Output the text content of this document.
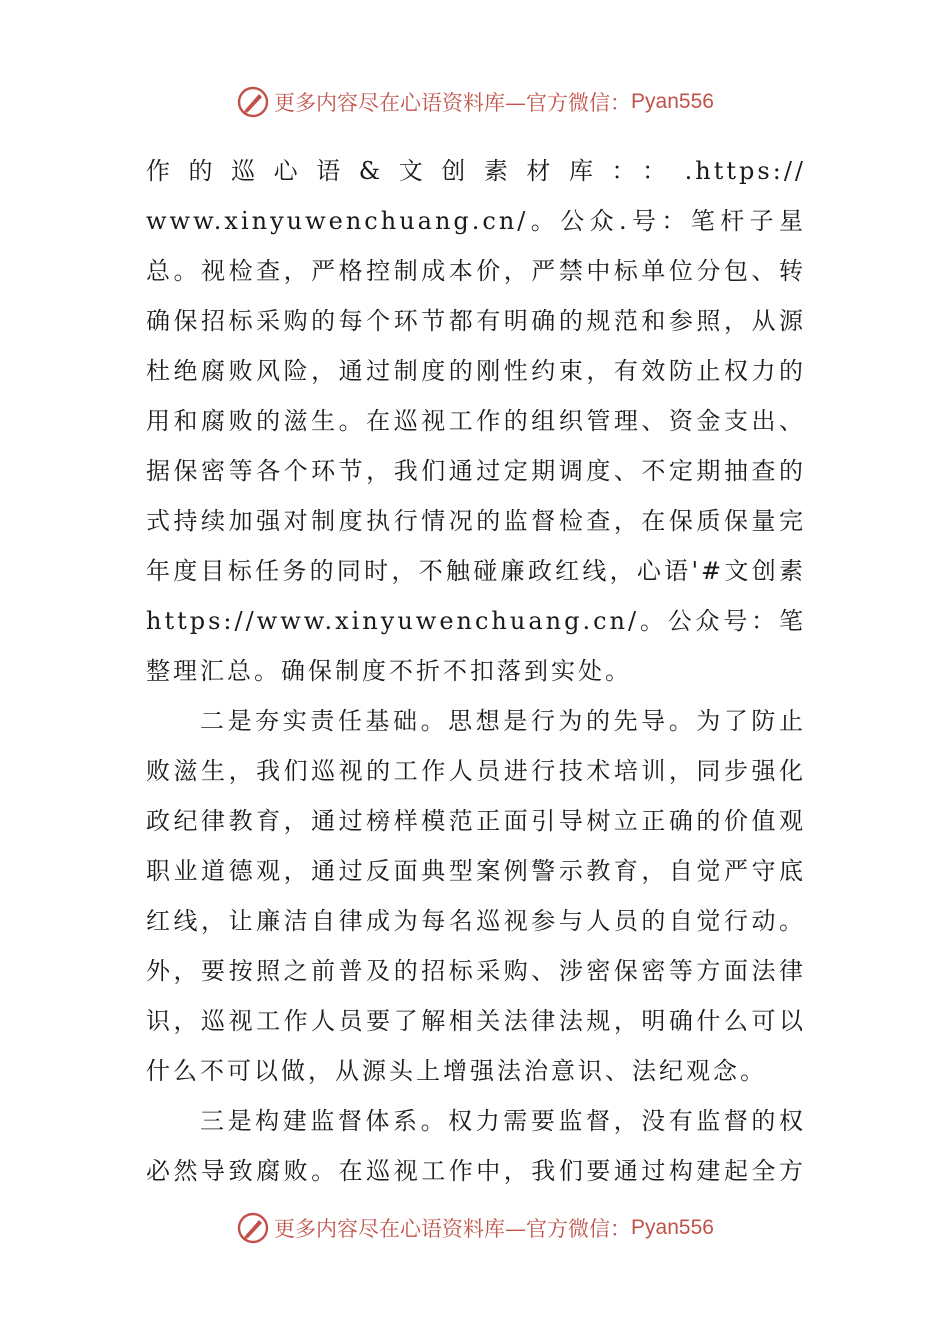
更多内容尽在心语资料库—官方微信： Pyan556
作的巡心语&文创素材库：：.https://
www.xinyuwenchuang.cn/。公众.号：笔杆子星
总。视检查，严格控制成本价，严禁中标单位分包、转
确保招标采购的每个环节都有明确的规范和参照，从源
杜绝腐败风险，通过制度的刚性约束，有效防止权力的
用和腐败的滋生。在巡视工作的组织管理、资金支出、
据保密等各个环节，我们通过定期调度、不定期抽查的
式持续加强对制度执行情况的监督检查，在保质保量完
年度目标任务的同时，不触碰廉政红线，心语'#文创素
https://www.xinyuwenchuang.cn/。公众号：笔
整理汇总。确保制度不折不扣落到实处。
二是夯实责任基础。思想是行为的先导。为了防止
败滋生，我们巡视的工作人员进行技术培训，同步强化
政纪律教育，通过榜样模范正面引导树立正确的价值观
职业道德观，通过反面典型案例警示教育，自觉严守底
红线，让廉洁自律成为每名巡视参与人员的自觉行动。
外，要按照之前普及的招标采购、涉密保密等方面法律
识，巡视工作人员要了解相关法律法规，明确什么可以
什么不可以做，从源头上增强法治意识、法纪观念。
三是构建监督体系。权力需要监督，没有监督的权
必然导致腐败。在巡视工作中，我们要通过构建起全方
更多内容尽在心语资料库—官方微信： Pyan556
